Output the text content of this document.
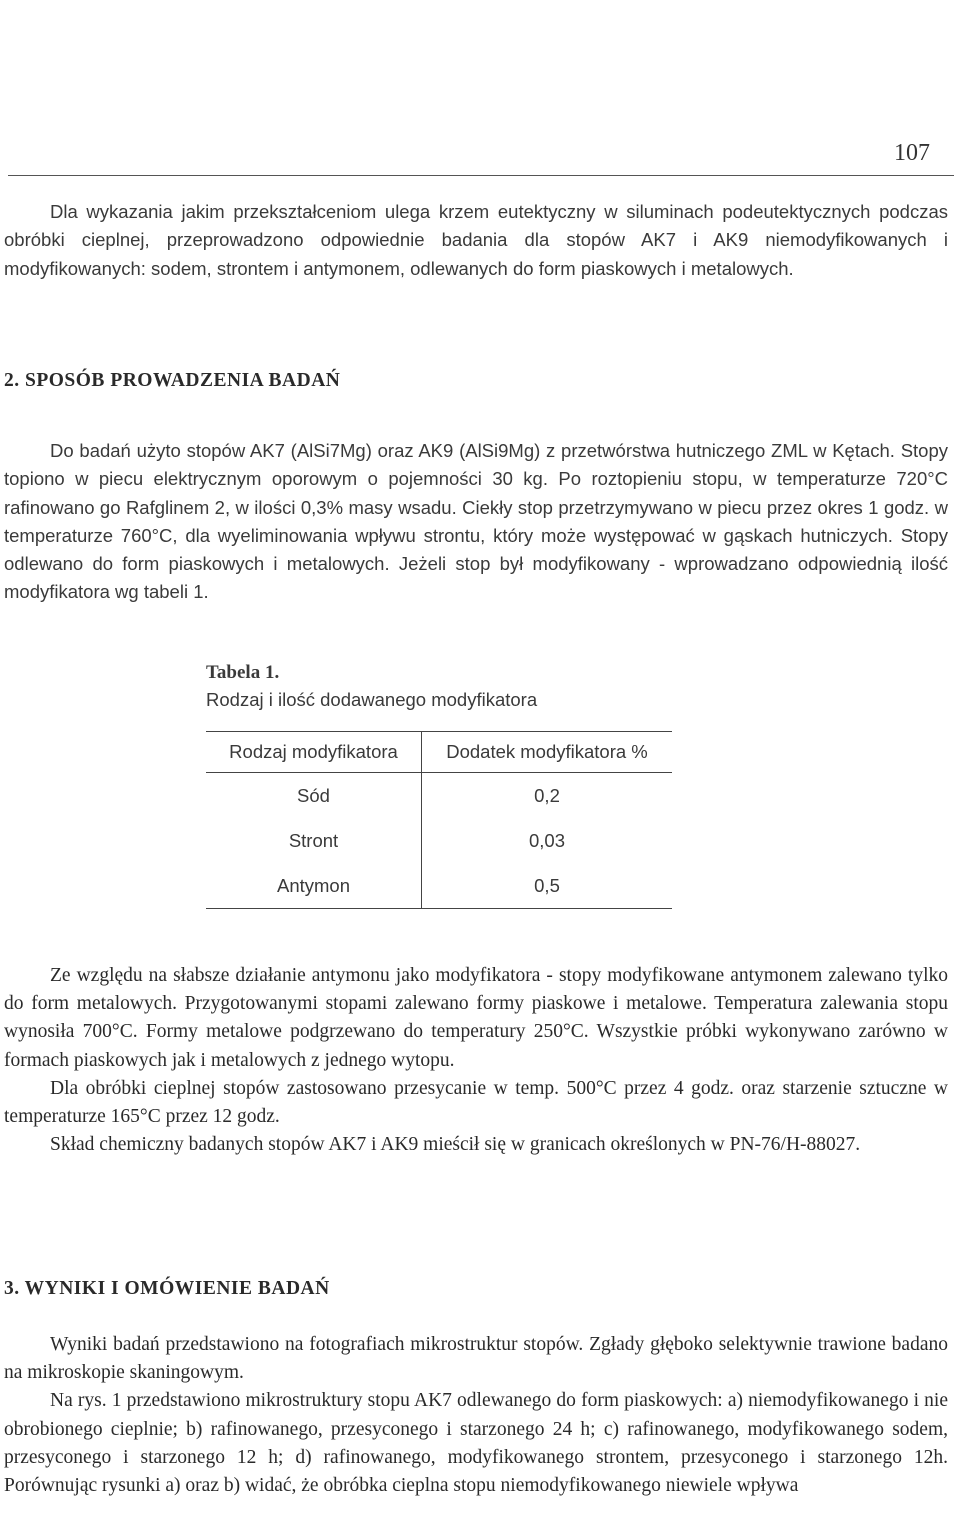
107

Dla wykazania jakim przekształceniom ulega krzem eutektyczny w siluminach podeutektycznych podczas obróbki cieplnej, przeprowadzono odpowiednie badania dla stopów AK7 i AK9 niemodyfikowanych i modyfikowanych: sodem, strontem i antymonem, odlewanych do form piaskowych i metalowych.

2. SPOSÓB PROWADZENIA BADAŃ

Do badań użyto stopów AK7 (AlSi7Mg) oraz AK9 (AlSi9Mg) z przetwórstwa hutniczego ZML w Kętach. Stopy topiono w piecu elektrycznym oporowym o pojemności 30 kg. Po roztopieniu stopu, w temperaturze 720°C rafinowano go Rafglinem 2, w ilości 0,3% masy wsadu. Ciekły stop przetrzymywano w piecu przez okres 1 godz. w temperaturze 760°C, dla wyeliminowania wpływu strontu, który może występować w gąskach hutniczych. Stopy odlewano do form piaskowych i metalowych. Jeżeli stop był modyfikowany - wprowadzano odpowiednią ilość modyfikatora wg tabeli 1.

Tabela 1.
Rodzaj i ilość dodawanego modyfikatora
Rodzaj modyfikatora	Dodatek modyfikatora %
Sód	0,2
Stront	0,03
Antymon	0,5

Ze względu na słabsze działanie antymonu jako modyfikatora - stopy modyfikowane antymonem zalewano tylko do form metalowych. Przygotowanymi stopami zalewano formy piaskowe i metalowe. Temperatura zalewania stopu wynosiła 700°C. Formy metalowe podgrzewano do temperatury 250°C. Wszystkie próbki wykonywano zarówno w formach piaskowych jak i metalowych z jednego wytopu.

Dla obróbki cieplnej stopów zastosowano przesycanie w temp. 500°C przez 4 godz. oraz starzenie sztuczne w temperaturze 165°C przez 12 godz.

Skład chemiczny badanych stopów AK7 i AK9 mieścił się w granicach określonych w PN-76/H-88027.

3. WYNIKI I OMÓWIENIE BADAŃ

Wyniki badań przedstawiono na fotografiach mikrostruktur stopów. Zgłady głęboko selektywnie trawione badano na mikroskopie skaningowym.

Na rys. 1 przedstawiono mikrostruktury stopu AK7 odlewanego do form piaskowych: a) niemodyfikowanego i nie obrobionego cieplnie; b) rafinowanego, przesyconego i starzonego 24 h; c) rafinowanego, modyfikowanego sodem, przesyconego i starzonego 12 h; d) rafinowanego, modyfikowanego strontem, przesyconego i starzonego 12h. Porównując rysunki a) oraz b) widać, że obróbka cieplna stopu niemodyfikowanego niewiele wpływa
